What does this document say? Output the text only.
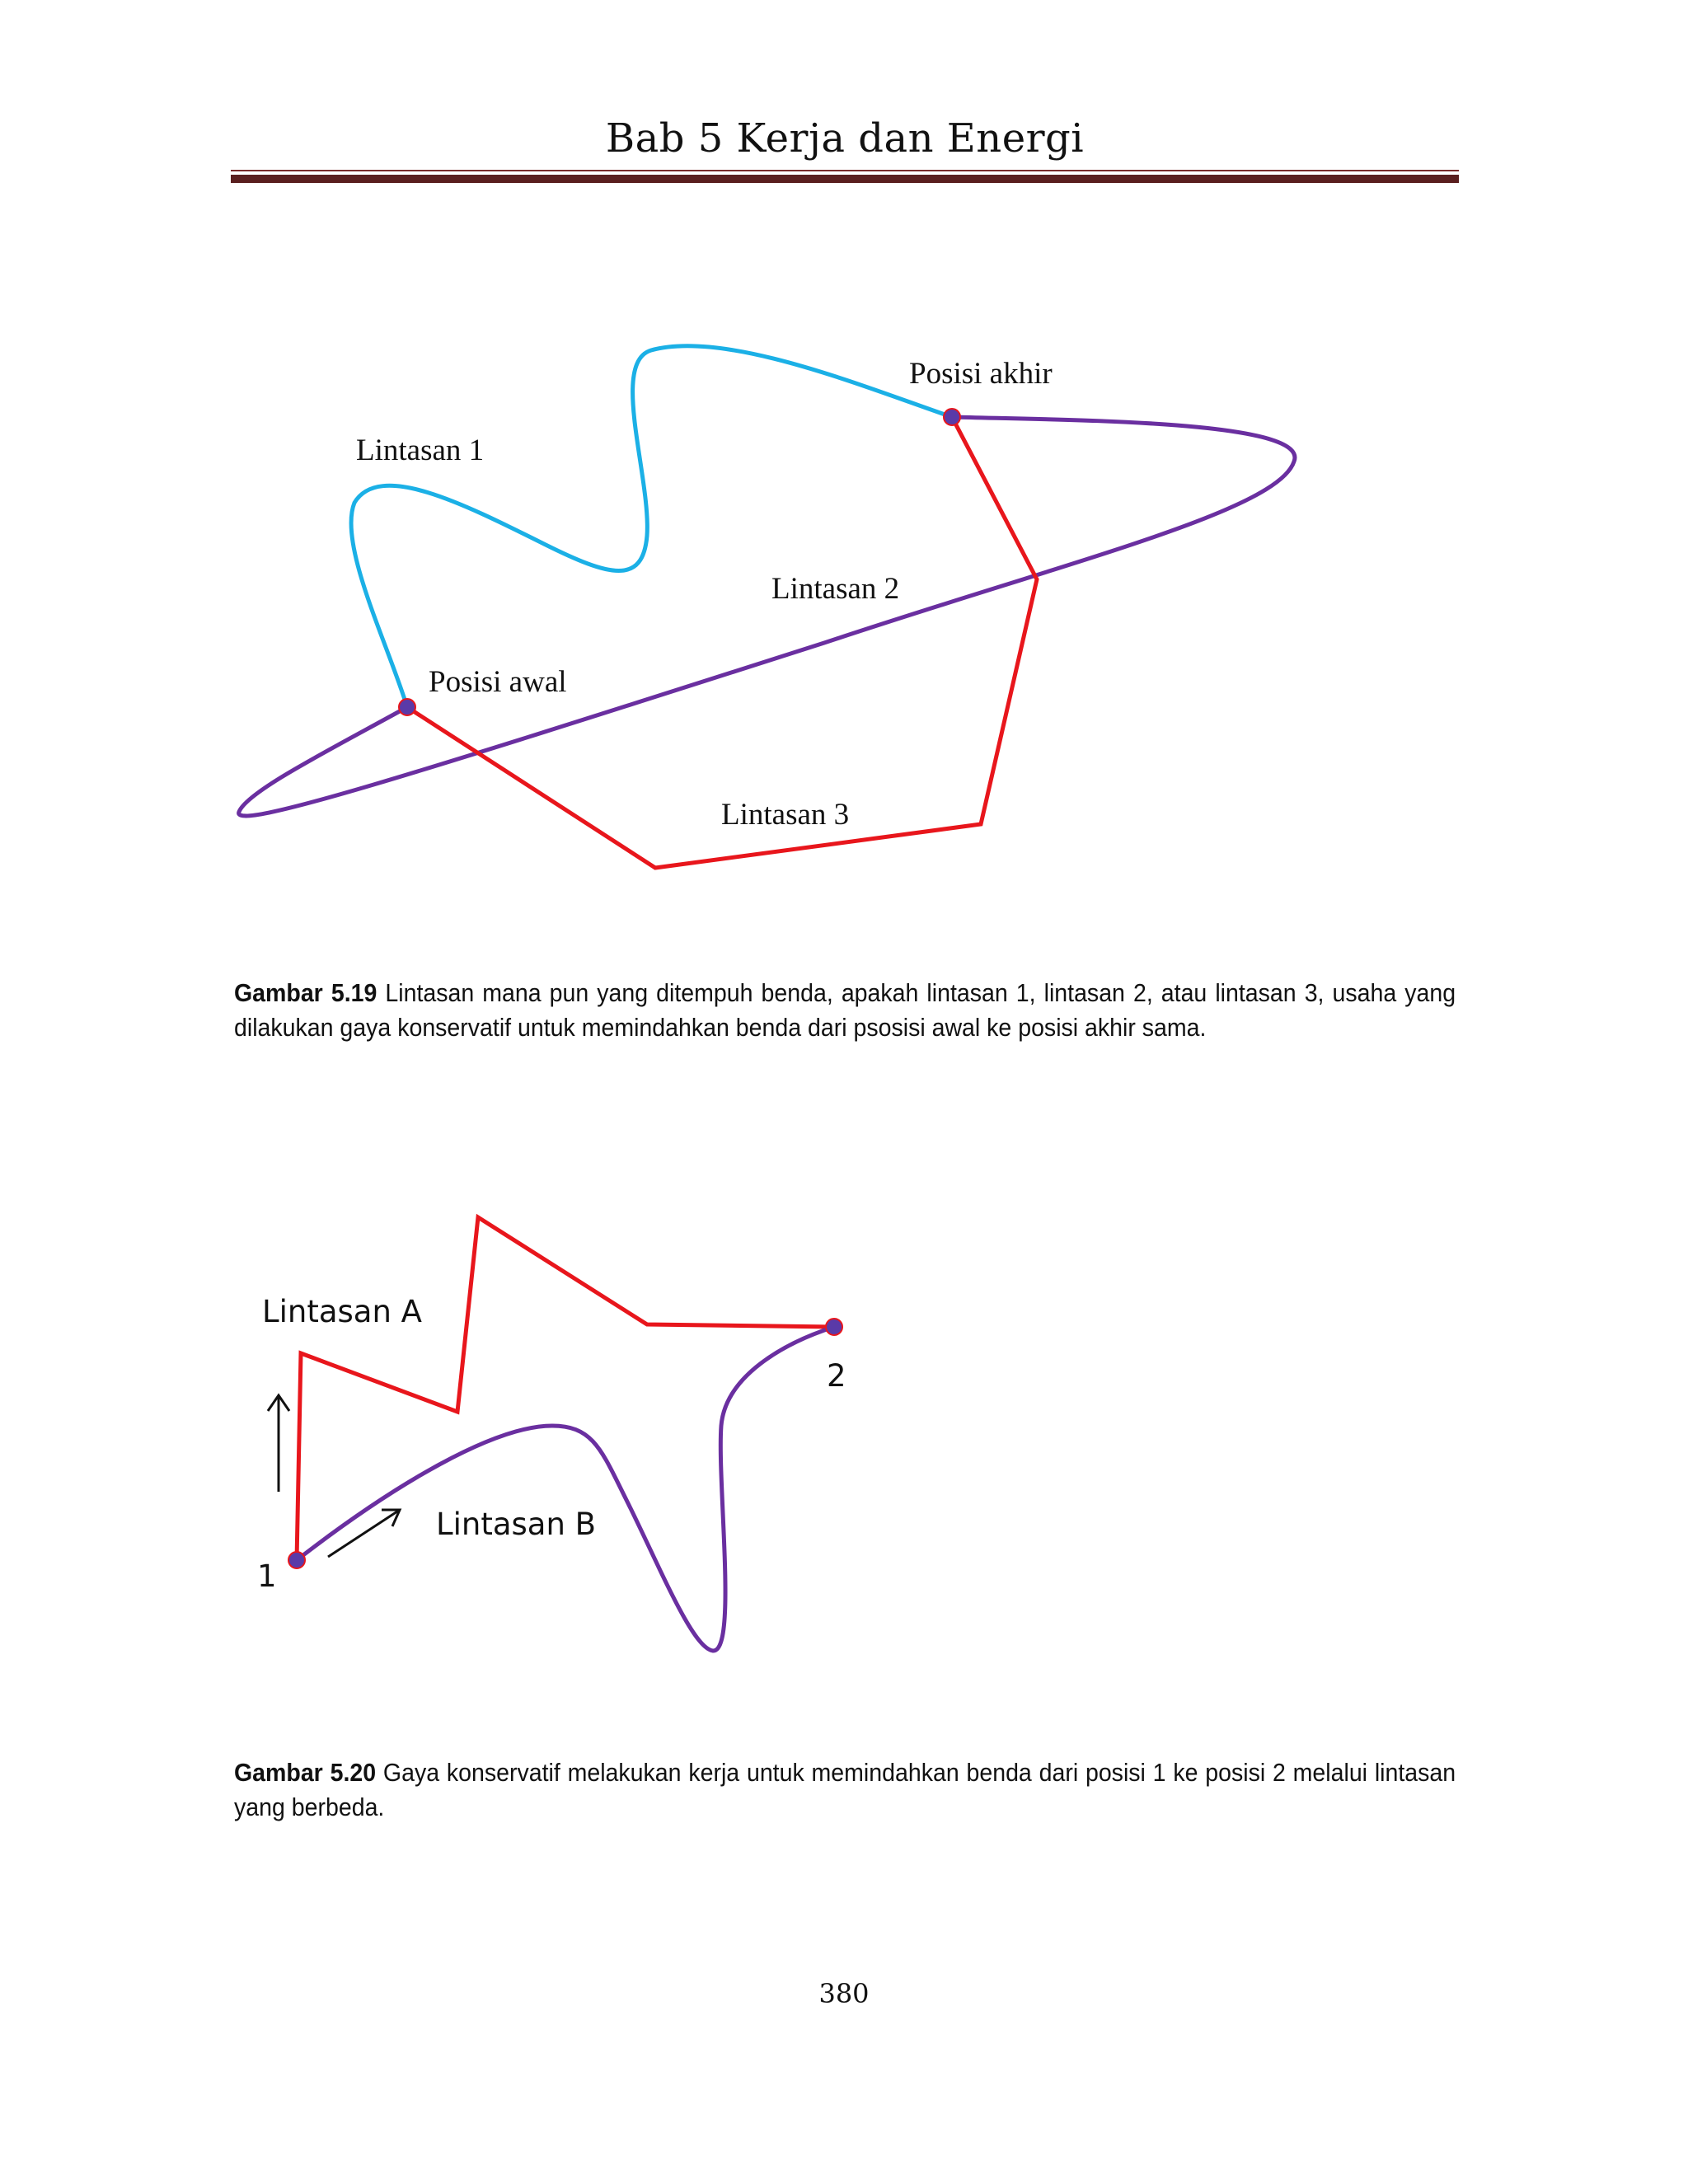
Bab 5 Kerja dan Energi
Posisi akhir
Lintasan 1
Lintasan 2
Posisi awal
Lintasan 3
Lintasan A
Lintasan B
1
2
Gambar 5.19 Lintasan mana pun yang ditempuh benda, apakah lintasan 1, lintasan 2, atau lintasan 3, usaha yang dilakukan gaya konservatif untuk memindahkan benda dari psosisi awal ke posisi akhir sama.
Gambar 5.20 Gaya konservatif melakukan kerja untuk memindahkan benda dari posisi 1 ke posisi 2 melalui lintasan yang berbeda.
380
